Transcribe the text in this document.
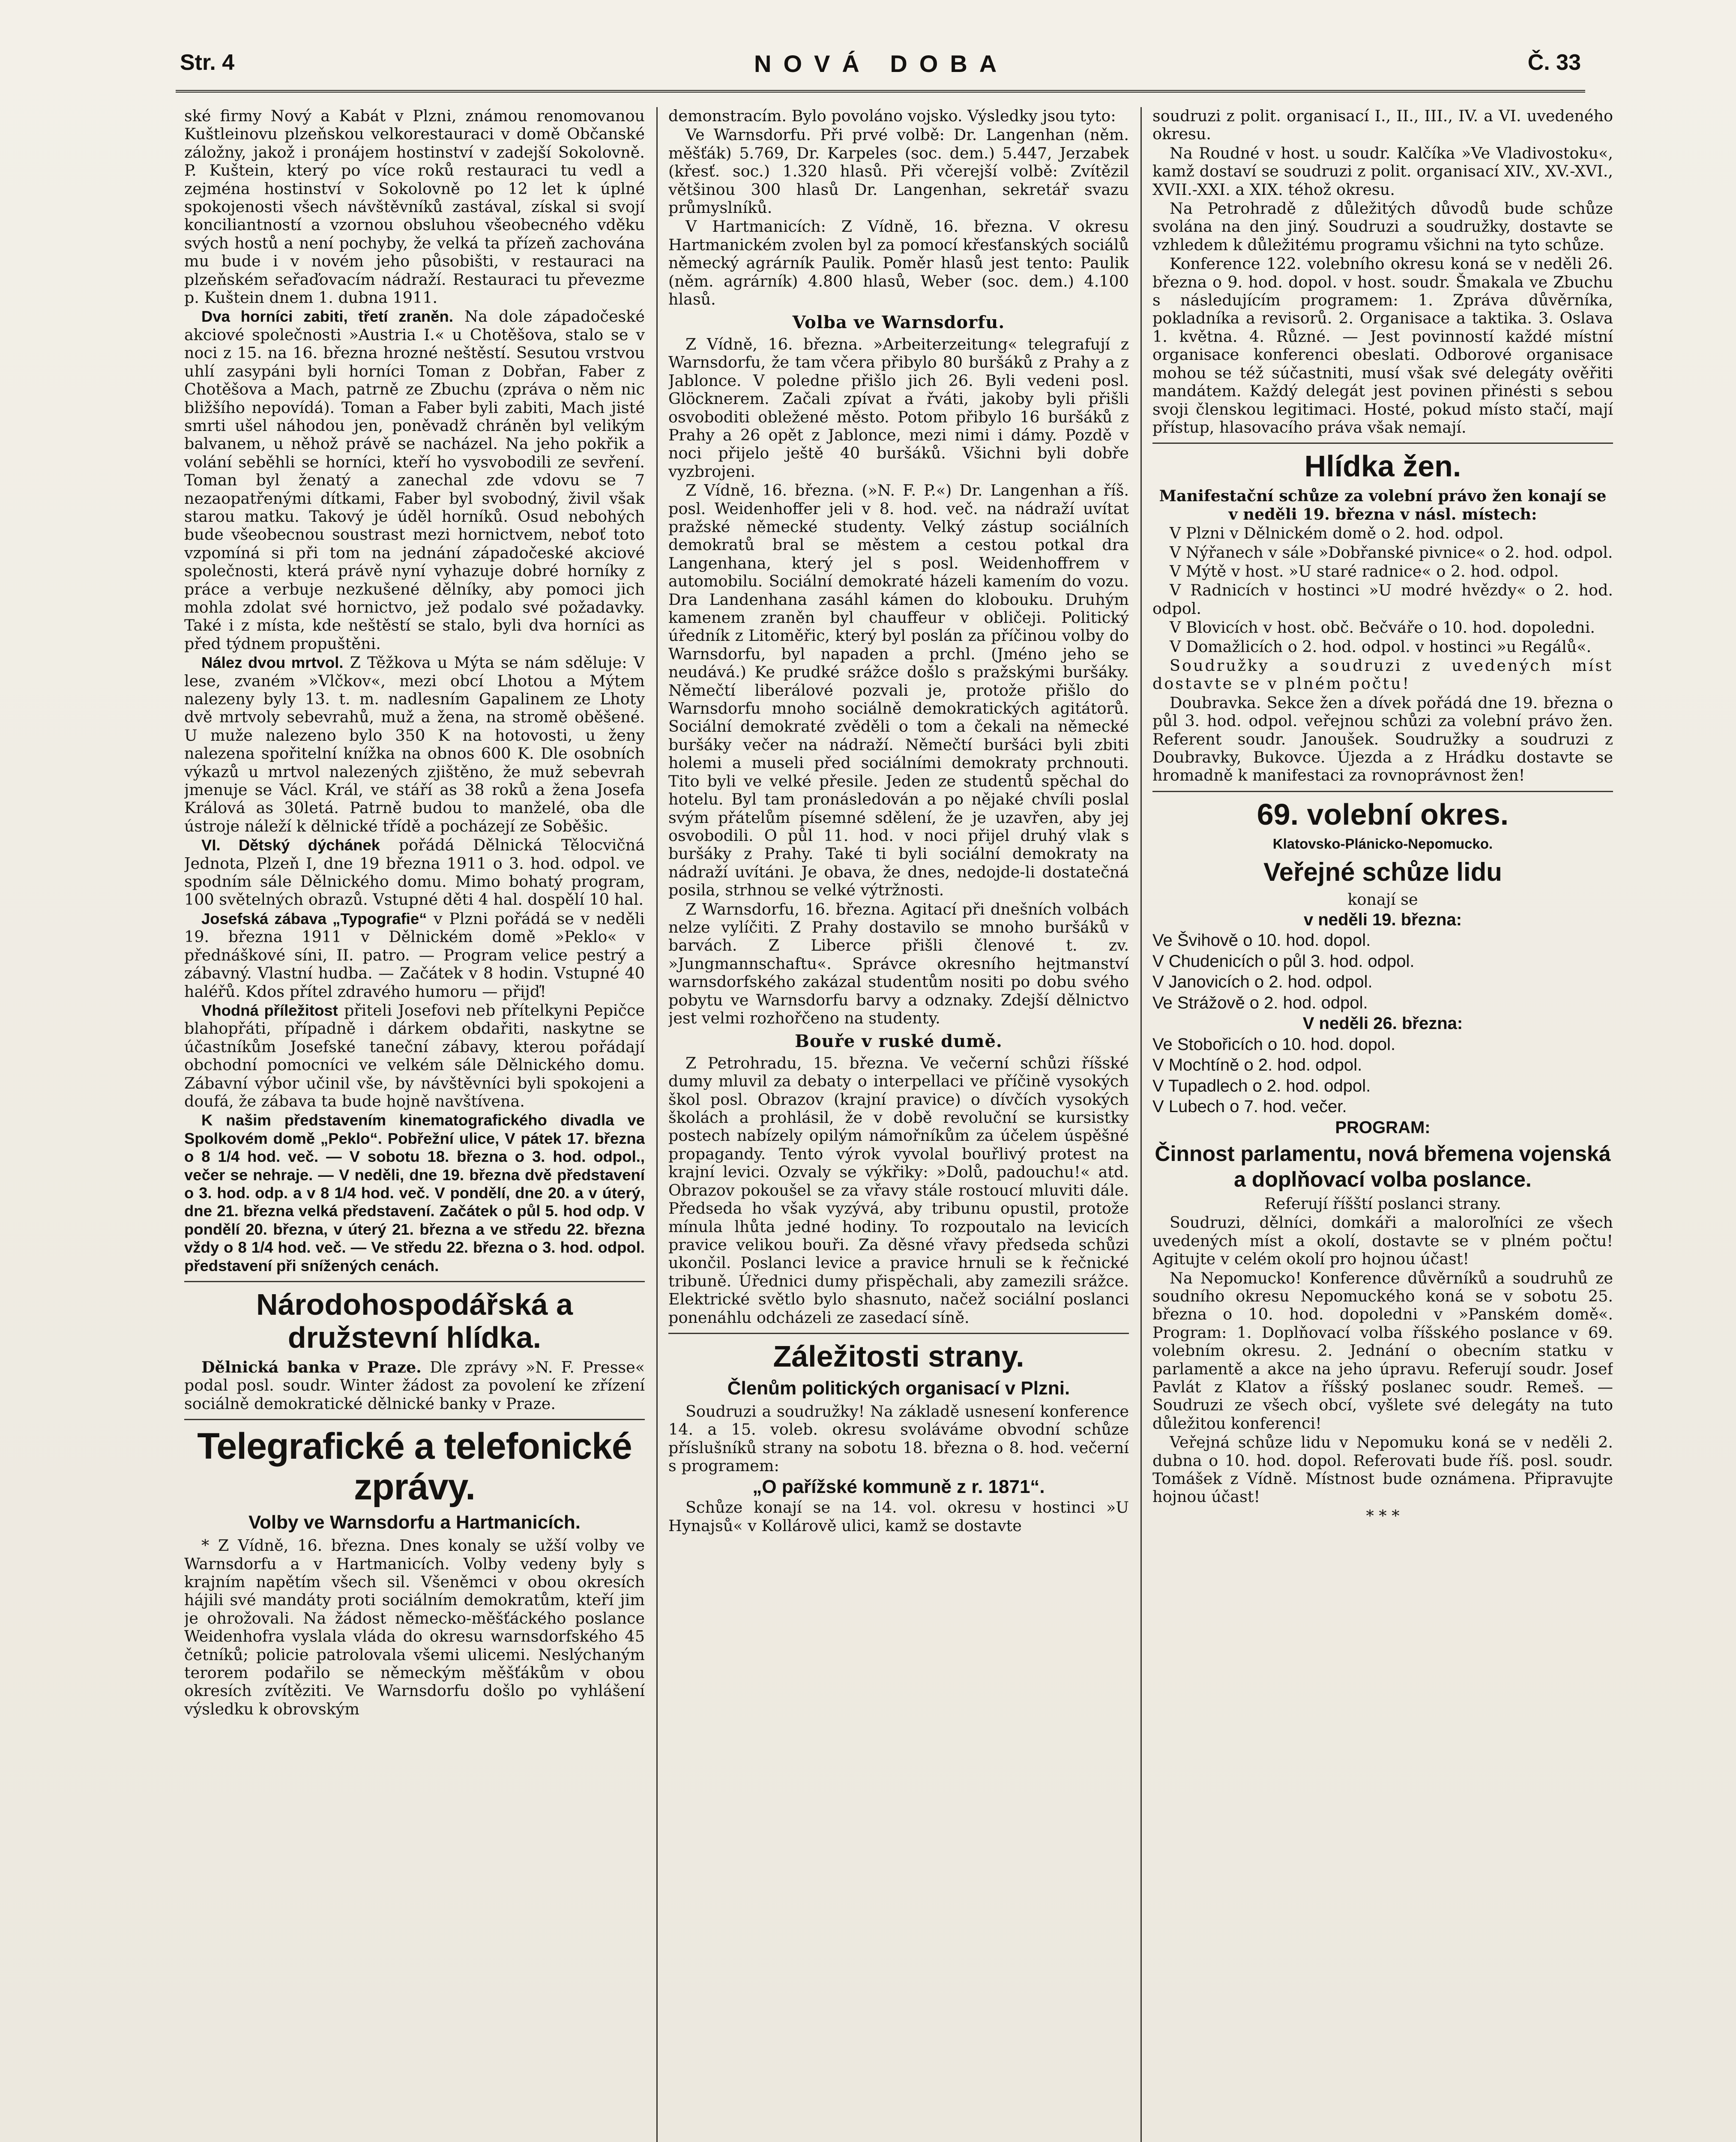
Str. 4	NOVÁ DOBA	Č. 33

ské firmy Nový a Kabát v Plzni, známou renomovanou Kuštleinovu plzeňskou velkorestauraci v domě Občanské záložny, jakož i pronájem hostinství v zadejší Sokolovně. P. Kuštein, který po více roků restauraci tu vedl a zejména hostinství v Sokolovně po 12 let k úplné spokojenosti všech návštěvníků zastával, získal si svojí konciliantností a vzornou obsluhou všeobecného vděku svých hostů a není pochyby, že velká ta přízeň zachována mu bude i v novém jeho působišti, v restauraci na plzeňském seřaďovacím nádraží. Restauraci tu převezme p. Kuštein dnem 1. dubna 1911.

Dva horníci zabiti, třetí zraněn. Na dole západočeské akciové společnosti »Austria I.« u Chotěšova, stalo se v noci z 15. na 16. března hrozné neštěstí. Sesutou vrstvou uhlí zasypáni byli horníci Toman z Dobřan, Faber z Chotěšova a Mach, patrně ze Zbuchu (zpráva o něm nic bližšího nepovídá). Toman a Faber byli zabiti, Mach jisté smrti ušel náhodou jen, poněvadž chráněn byl velikým balvanem, u něhož právě se nacházel. Na jeho pokřik a volání seběhli se horníci, kteří ho vysvobodili ze sevření. Toman byl ženatý a zanechal zde vdovu se 7 nezaopatřenými dítkami, Faber byl svobodný, živil však starou matku. Takový je úděl horníků. Osud nebohých bude všeobecnou soustrast mezi hornictvem, neboť toto vzpomíná si při tom na jednání západočeské akciové společnosti, která právě nyní vyhazuje dobré horníky z práce a verbuje nezkušené dělníky, aby pomoci jich mohla zdolat své hornictvo, jež podalo své požadavky. Také i z místa, kde neštěstí se stalo, byli dva horníci as před týdnem propuštěni.

Nález dvou mrtvol. Z Těžkova u Mýta se nám sděluje: V lese, zvaném »Vlčkov«, mezi obcí Lhotou a Mýtem nalezeny byly 13. t. m. nadlesním Gapalinem ze Lhoty dvě mrtvoly sebevrahů, muž a žena, na stromě oběšené. U muže nalezeno bylo 350 K na hotovosti, u ženy nalezena spořitelní knížka na obnos 600 K. Dle osobních výkazů u mrtvol nalezených zjištěno, že muž sebevrah jmenuje se Václ. Král, ve stáří as 38 roků a žena Josefa Králová as 30letá. Patrně budou to manželé, oba dle ústroje náleží k dělnické třídě a pocházejí ze Soběšic.

VI. Dětský dýchánek pořádá Dělnická Tělocvičná Jednota, Plzeň I, dne 19 března 1911 o 3. hod. odpol. ve spodním sále Dělnického domu. Mimo bohatý program, 100 světelných obrazů. Vstupné děti 4 hal. dospělí 10 hal.

Josefská zábava „Typografie“ v Plzni pořádá se v neděli 19. března 1911 v Dělnickém domě »Peklo« v přednáškové síni, II. patro. — Program velice pestrý a zábavný. Vlastní hudba. — Začátek v 8 hodin. Vstupné 40 haléřů. Kdos přítel zdravého humoru — přijď!

Vhodná příležitost přiteli Josefovi neb přítelkyni Pepičce blahopřáti, případně i dárkem obdařiti, naskytne se účastníkům Josefské taneční zábavy, kterou pořádají obchodní pomocníci ve velkém sále Dělnického domu. Zábavní výbor učinil vše, by návštěvníci byli spokojeni a doufá, že zábava ta bude hojně navštívena.

K našim představením kinematografického divadla ve Spolkovém domě „Peklo“. Pobřežní ulice, V pátek 17. března o 8 1/4 hod. več. — V sobotu 18. března o 3. hod. odpol., večer se nehraje. — V neděli, dne 19. března dvě představení o 3. hod. odp. a v 8 1/4 hod. več. V pondělí, dne 20. a v úterý, dne 21. března velká představení. Začátek o půl 5. hod odp. V pondělí 20. března, v úterý 21. března a ve středu 22. března vždy o 8 1/4 hod. več. — Ve středu 22. března o 3. hod. odpol. představení při snížených cenách.

Národohospodářská a družstevní hlídka.

Dělnická banka v Praze. Dle zprávy »N. F. Presse« podal posl. soudr. Winter žádost za povolení ke zřízení sociálně demokratické dělnické banky v Praze.

Telegrafické a telefonické zprávy.
Volby ve Warnsdorfu a Hartmanicích.

* Z Vídně, 16. března. Dnes konaly se užší volby ve Warnsdorfu a v Hartmanicích. Volby vedeny byly s krajním napětím všech sil. Všeněmci v obou okresích hájili své mandáty proti sociálním demokratům, kteří jim je ohrožovali. Na žádost německo-měšťáckého poslance Weidenhofra vyslala vláda do okresu warnsdorfského 45 četníků; policie patrolovala všemi ulicemi. Neslýchaným terorem podařilo se německým měšťákům v obou okresích zvítěziti. Ve Warnsdorfu došlo po vyhlášení výsledku k obrovským

demonstracím. Bylo povoláno vojsko. Výsledky jsou tyto:

Ve Warnsdorfu. Při prvé volbě: Dr. Langenhan (něm. měšťák) 5.769, Dr. Karpeles (soc. dem.) 5.447, Jerzabek (křesť. soc.) 1.320 hlasů. Při včerejší volbě: Zvítězil většinou 300 hlasů Dr. Langenhan, sekretář svazu průmyslníků.

V Hartmanicích: Z Vídně, 16. března. V okresu Hartmanickém zvolen byl za pomocí křesťanských sociálů německý agrárník Paulik. Poměr hlasů jest tento: Paulik (něm. agrárník) 4.800 hlasů, Weber (soc. dem.) 4.100 hlasů.

Volba ve Warnsdorfu.

Z Vídně, 16. března. »Arbeiterzeitung« telegrafují z Warnsdorfu, že tam včera přibylo 80 buršáků z Prahy a z Jablonce. V poledne přišlo jich 26. Byli vedeni posl. Glöcknerem. Začali zpívat a řváti, jakoby byli přišli osvoboditi obležené město. Potom přibylo 16 buršáků z Prahy a 26 opět z Jablonce, mezi nimi i dámy. Pozdě v noci přijelo ještě 40 buršáků. Všichni byli dobře vyzbrojeni.

Z Vídně, 16. března. (»N. F. P.«) Dr. Langenhan a říš. posl. Weidenhoffer jeli v 8. hod. več. na nádraží uvítat pražské německé studenty. Velký zástup sociálních demokratů bral se městem a cestou potkal dra Langenhana, který jel s posl. Weidenhoffrem v automobilu. Sociální demokraté házeli kamením do vozu. Dra Landenhana zasáhl kámen do klobouku. Druhým kamenem zraněn byl chauffeur v obličeji. Politický úředník z Litoměřic, který byl poslán za příčinou volby do Warnsdorfu, byl napaden a prchl. (Jméno jeho se neudává.) Ke prudké srážce došlo s pražskými buršáky. Němečtí liberálové pozvali je, protože přišlo do Warnsdorfu mnoho sociálně demokratických agitátorů. Sociální demokraté zvěděli o tom a čekali na německé buršáky večer na nádraží. Němečtí buršáci byli zbiti holemi a museli před sociálními demokraty prchnouti. Tito byli ve velké přesile. Jeden ze studentů spěchal do hotelu. Byl tam pronásledován a po nějaké chvíli poslal svým přátelům písemné sdělení, že je uzavřen, aby jej osvobodili. O půl 11. hod. v noci přijel druhý vlak s buršáky z Prahy. Také ti byli sociální demokraty na nádraží uvítáni. Je obava, že dnes, nedojde-li dostatečná posila, strhnou se velké výtržnosti.

Z Warnsdorfu, 16. března. Agitací při dnešních volbách nelze vylíčiti. Z Prahy dostavilo se mnoho buršáků v barvách. Z Liberce přišli členové t. zv. »Jungmannschaftu«. Správce okresního hejtmanství warnsdorfského zakázal studentům nositi po dobu svého pobytu ve Warnsdorfu barvy a odznaky. Zdejší dělnictvo jest velmi rozhořčeno na studenty.

Bouře v ruské dumě.

Z Petrohradu, 15. března. Ve večerní schůzi říšské dumy mluvil za debaty o interpellaci ve příčině vysokých škol posl. Obrazov (krajní pravice) o dívčích vysokých školách a prohlásil, že v době revoluční se kursistky postech nabízely opilým námořníkům za účelem úspěšné propagandy. Tento výrok vyvolal bouřlivý protest na krajní levici. Ozvaly se výkřiky: »Dolů, padouchu!« atd. Obrazov pokoušel se za vřavy stále rostoucí mluviti dále. Předseda ho však vyzývá, aby tribunu opustil, protože mínula lhůta jedné hodiny. To rozpoutalo na levicích pravice velikou bouři. Za děsné vřavy předseda schůzi ukončil. Poslanci levice a pravice hrnuli se k řečnické tribuně. Úřednici dumy přispěchali, aby zamezili srážce. Elektrické světlo bylo shasnuto, načež sociální poslanci ponenáhlu odcházeli ze zasedací síně.

Záležitosti strany.
Členům politických organisací v Plzni.

Soudruzi a soudružky! Na základě usnesení konference 14. a 15. voleb. okresu svoláváme obvodní schůze příslušníků strany na sobotu 18. března o 8. hod. večerní s programem:

„O pařížské kommuně z r. 1871“.

Schůze konají se na 14. vol. okresu v hostinci »U Hynajsů« v Kollárově ulici, kamž se dostavte

soudruzi z polit. organisací I., II., III., IV. a VI. uvedeného okresu.

Na Roudné v host. u soudr. Kalčíka »Ve Vladivostoku«, kamž dostaví se soudruzi z polit. organisací XIV., XV.-XVI., XVII.-XXI. a XIX. téhož okresu.

Na Petrohradě z důležitých důvodů bude schůze svolána na den jiný. Soudruzi a soudružky, dostavte se vzhledem k důležitému programu všichni na tyto schůze.

Konference 122. volebního okresu koná se v neděli 26. března o 9. hod. dopol. v host. soudr. Šmakala ve Zbuchu s následujícím programem: 1. Zpráva důvěrníka, pokladníka a revisorů. 2. Organisace a taktika. 3. Oslava 1. května. 4. Různé. — Jest povinností každé místní organisace konferenci obeslati. Odborové organisace mohou se též súčastniti, musí však své delegáty ověřiti mandátem. Každý delegát jest povinen přinésti s sebou svoji členskou legitimaci. Hosté, pokud místo stačí, mají přístup, hlasovacího práva však nemají.

Hlídka žen.

Manifestační schůze za volební právo žen konají se v neděli 19. března v násl. místech:

V Plzni v Dělnickém domě o 2. hod. odpol.

V Nýřanech v sále »Dobřanské pivnice« o 2. hod. odpol.

V Mýtě v host. »U staré radnice« o 2. hod. odpol.

V Radnicích v hostinci »U modré hvězdy« o 2. hod. odpol.

V Blovicích v host. obč. Bečváře o 10. hod. dopoledni.

V Domažlicích o 2. hod. odpol. v hostinci »u Regálů«.

Soudružky a soudruzi z uvedených míst dostavte se v plném počtu!

Doubravka. Sekce žen a dívek pořádá dne 19. března o půl 3. hod. odpol. veřejnou schůzi za volební právo žen. Referent soudr. Janoušek. Soudružky a soudruzi z Doubravky, Bukovce. Újezda a z Hrádku dostavte se hromadně k manifestaci za rovnoprávnost žen!

69. volební okres.
Klatovsko-Plánicko-Nepomucko.
Veřejné schůze lidu

konají se

v neděli 19. března:

Ve Švihově o 10. hod. dopol.

V Chudenicích o půl 3. hod. odpol.

V Janovicích o 2. hod. odpol.

Ve Strážově o 2. hod. odpol.

V neděli 26. března:

Ve Stobořicích o 10. hod. dopol.

V Mochtíně o 2. hod. odpol.

V Tupadlech o 2. hod. odpol.

V Lubech o 7. hod. večer.

PROGRAM:

Činnost parlamentu, nová břemena vojenská a doplňovací volba poslance.

Referují říšští poslanci strany.

Soudruzi, dělníci, domkáři a maloroľníci ze všech uvedených míst a okolí, dostavte se v plném počtu! Agitujte v celém okolí pro hojnou účast!

Na Nepomucko! Konference důvěrníků a soudruhů ze soudního okresu Nepomuckého koná se v sobotu 25. března o 10. hod. dopoledni v »Panském domě«. Program: 1. Doplňovací volba říšského poslance v 69. volebním okresu. 2. Jednání o obecním statku v parlamentě a akce na jeho úpravu. Referují soudr. Josef Pavlát z Klatov a říšský poslanec soudr. Remeš. — Soudruzi ze všech obcí, vyšlete své delegáty na tuto důležitou konferenci!

Veřejná schůze lidu v Nepomuku koná se v neděli 2. dubna o 10. hod. dopol. Referovati bude říš. posl. soudr. Tomášek z Vídně. Místnost bude oznámena. Připravujte hojnou účast!

* * *
